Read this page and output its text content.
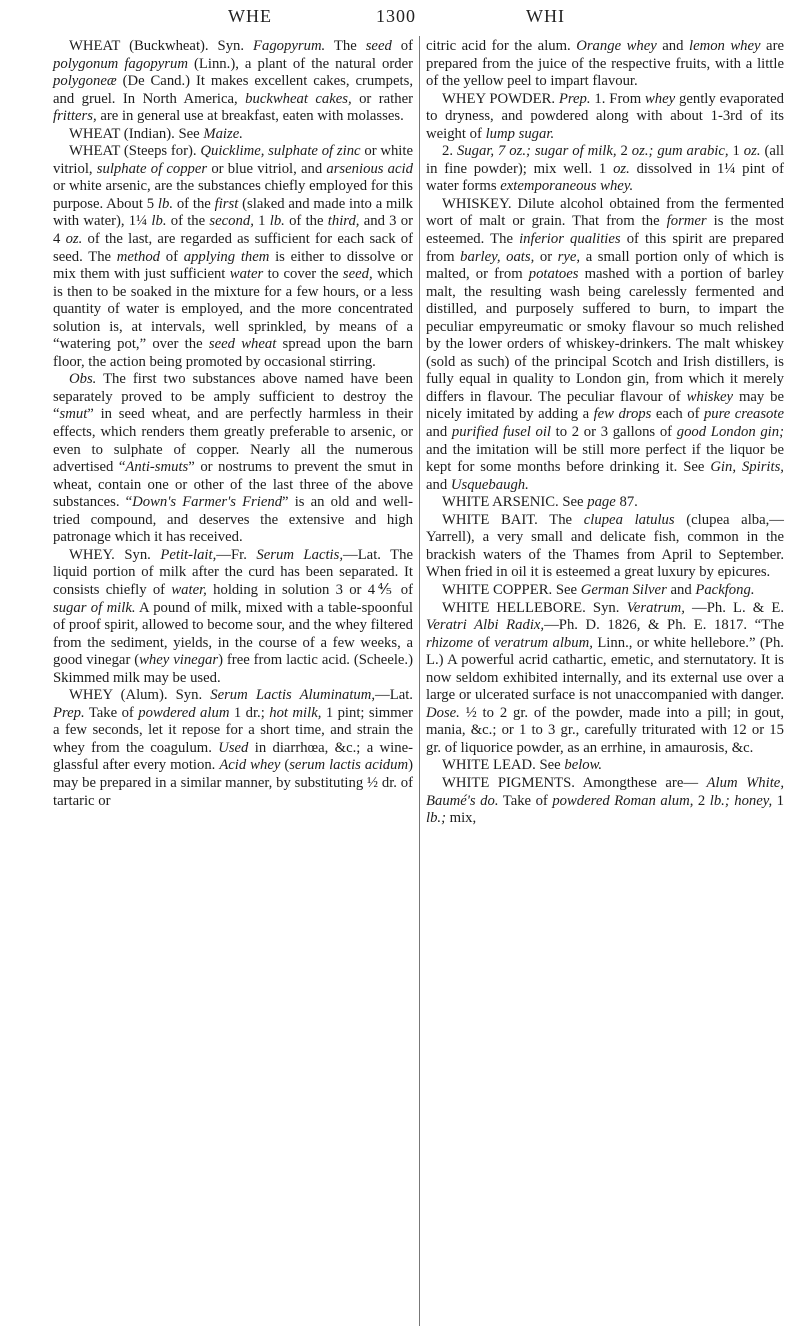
WHE	1300	WHI

WHEAT (Buckwheat). Syn. Fagopyrum. The seed of polygonum fagopyrum (Linn.), a plant of the natural order polygoneæ (De Cand.) It makes excellent cakes, crumpets, and gruel. In North America, buckwheat cakes, or rather fritters, are in general use at breakfast, eaten with molasses.

WHEAT (Indian). See Maize.

WHEAT (Steeps for). Quicklime, sulphate of zinc or white vitriol, sulphate of copper or blue vitriol, and arsenious acid or white arsenic, are the substances chiefly employed for this purpose. About 5 lb. of the first (slaked and made into a milk with water), 1¼ lb. of the second, 1 lb. of the third, and 3 or 4 oz. of the last, are regarded as sufficient for each sack of seed. The method of applying them is either to dissolve or mix them with just sufficient water to cover the seed, which is then to be soaked in the mixture for a few hours, or a less quantity of water is employed, and the more concentrated solution is, at intervals, well sprinkled, by means of a “watering pot,” over the seed wheat spread upon the barn floor, the action being promoted by occasional stirring.

Obs. The first two substances above named have been separately proved to be amply sufficient to destroy the “smut” in seed wheat, and are perfectly harmless in their effects, which renders them greatly preferable to arsenic, or even to sulphate of copper. Nearly all the numerous advertised “Anti-smuts” or nostrums to prevent the smut in wheat, contain one or other of the last three of the above substances. “Down's Farmer's Friend” is an old and well-tried compound, and deserves the extensive and high patronage which it has received.

WHEY. Syn. Petit-lait,—Fr. Serum Lactis,—Lat. The liquid portion of milk after the curd has been separated. It consists chiefly of water, holding in solution 3 or 4⅘ of sugar of milk. A pound of milk, mixed with a table-spoonful of proof spirit, allowed to become sour, and the whey filtered from the sediment, yields, in the course of a few weeks, a good vinegar (whey vinegar) free from lactic acid. (Scheele.) Skimmed milk may be used.

WHEY (Alum). Syn. Serum Lactis Aluminatum,—Lat. Prep. Take of powdered alum 1 dr.; hot milk, 1 pint; simmer a few seconds, let it repose for a short time, and strain the whey from the coagulum. Used in diarrhœa, &c.; a wine-glassful after every motion. Acid whey (serum lactis acidum) may be prepared in a similar manner, by substituting ½ dr. of tartaric or

citric acid for the alum. Orange whey and lemon whey are prepared from the juice of the respective fruits, with a little of the yellow peel to impart flavour.

WHEY POWDER. Prep. 1. From whey gently evaporated to dryness, and powdered along with about 1-3rd of its weight of lump sugar.

2. Sugar, 7 oz.; sugar of milk, 2 oz.; gum arabic, 1 oz. (all in fine powder); mix well. 1 oz. dissolved in 1¼ pint of water forms extemporaneous whey.

WHISKEY. Dilute alcohol obtained from the fermented wort of malt or grain. That from the former is the most esteemed. The inferior qualities of this spirit are prepared from barley, oats, or rye, a small portion only of which is malted, or from potatoes mashed with a portion of barley malt, the resulting wash being carelessly fermented and distilled, and purposely suffered to burn, to impart the peculiar empyreumatic or smoky flavour so much relished by the lower orders of whiskey-drinkers. The malt whiskey (sold as such) of the principal Scotch and Irish distillers, is fully equal in quality to London gin, from which it merely differs in flavour. The peculiar flavour of whiskey may be nicely imitated by adding a few drops each of pure creasote and purified fusel oil to 2 or 3 gallons of good London gin; and the imitation will be still more perfect if the liquor be kept for some months before drinking it. See Gin, Spirits, and Usquebaugh.

WHITE ARSENIC. See page 87.

WHITE BAIT. The clupea latulus (clupea alba,—Yarrell), a very small and delicate fish, common in the brackish waters of the Thames from April to September. When fried in oil it is esteemed a great luxury by epicures.

WHITE COPPER. See German Silver and Packfong.

WHITE HELLEBORE. Syn. Veratrum, —Ph. L. & E. Veratri Albi Radix,—Ph. D. 1826, & Ph. E. 1817. “The rhizome of veratrum album, Linn., or white hellebore.” (Ph. L.) A powerful acrid cathartic, emetic, and sternutatory. It is now seldom exhibited internally, and its external use over a large or ulcerated surface is not unaccompanied with danger. Dose. ½ to 2 gr. of the powder, made into a pill; in gout, mania, &c.; or 1 to 3 gr., carefully triturated with 12 or 15 gr. of liquorice powder, as an errhine, in amaurosis, &c.

WHITE LEAD. See below.

WHITE PIGMENTS. Amongthese are— Alum White, Baumé's do. Take of powdered Roman alum, 2 lb.; honey, 1 lb.; mix,
